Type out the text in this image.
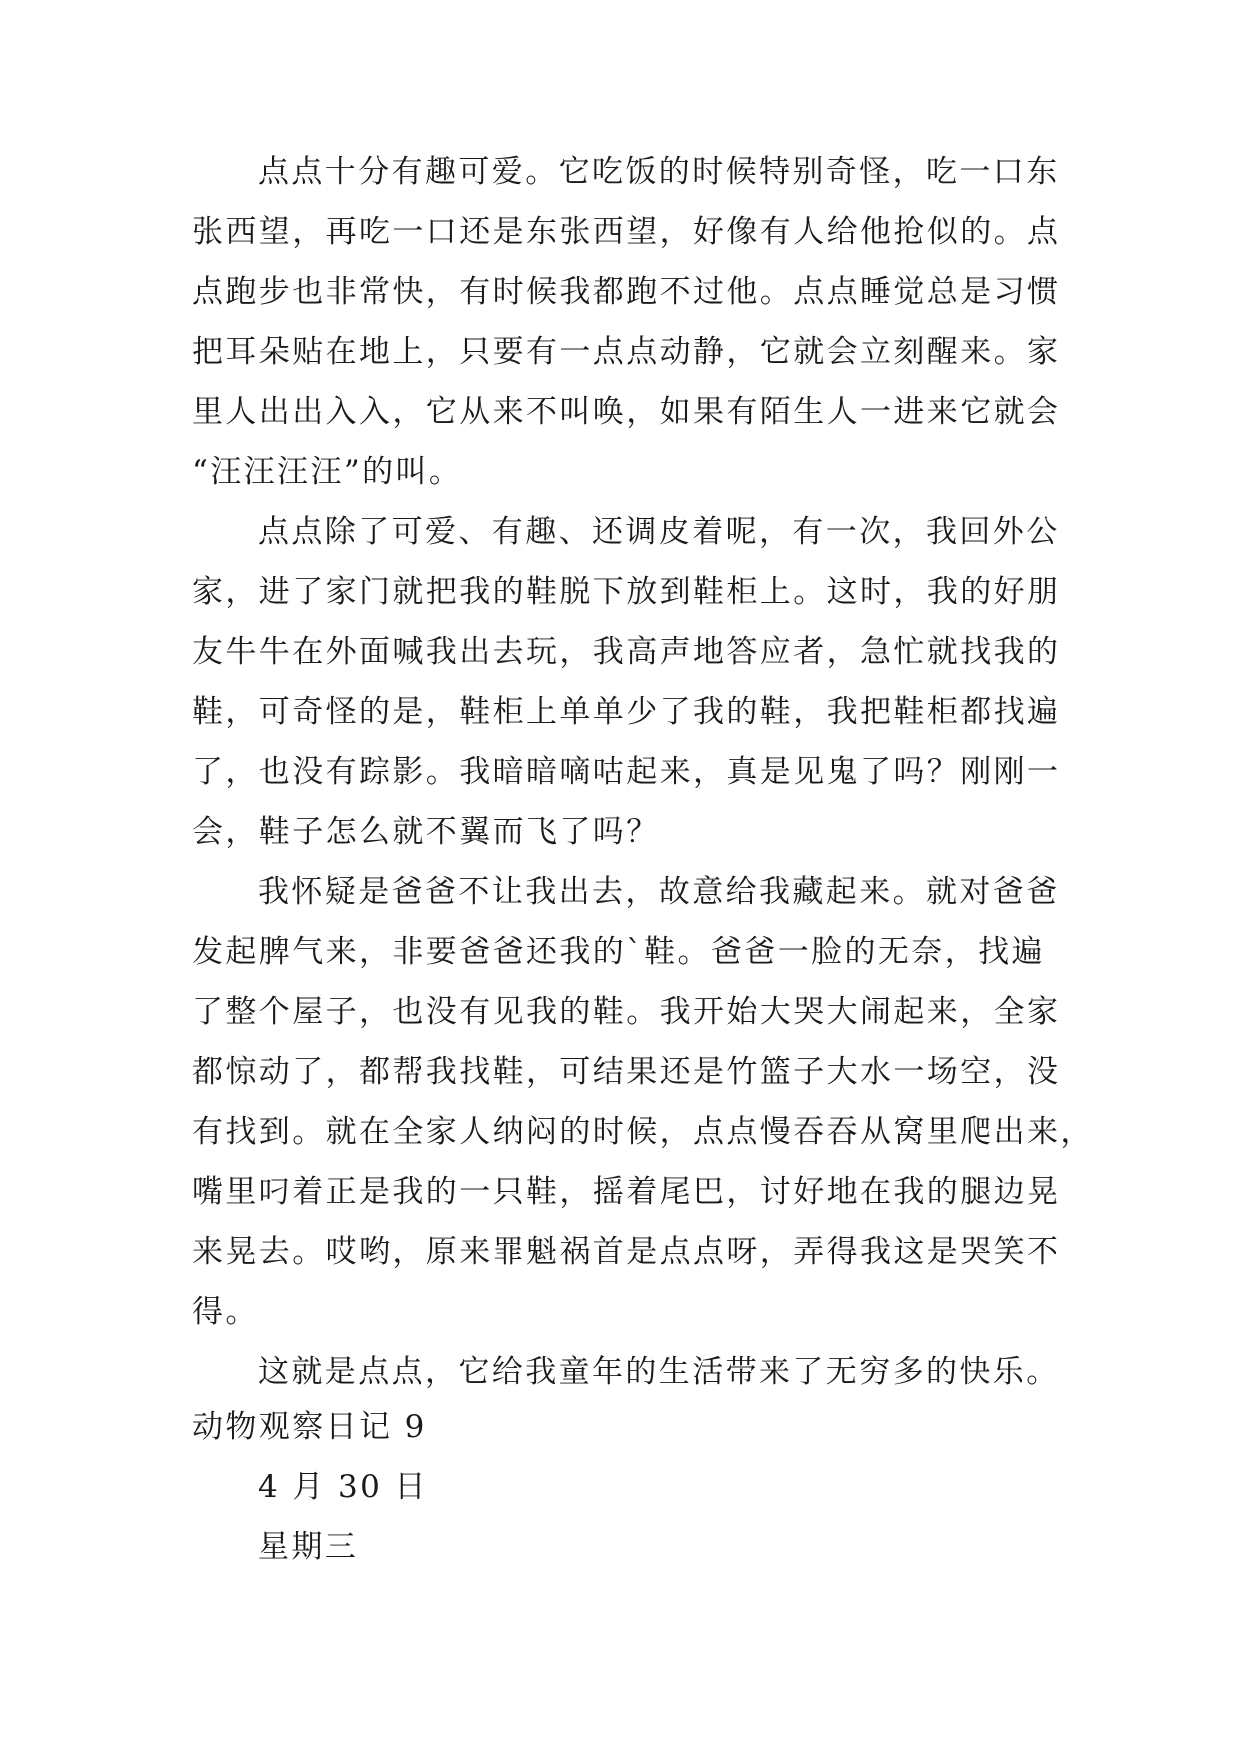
点点十分有趣可爱。它吃饭的时候特别奇怪，吃一口东
张西望，再吃一口还是东张西望，好像有人给他抢似的。点
点跑步也非常快，有时候我都跑不过他。点点睡觉总是习惯
把耳朵贴在地上，只要有一点点动静，它就会立刻醒来。家
里人出出入入，它从来不叫唤，如果有陌生人一进来它就会
“汪汪汪汪”的叫。
点点除了可爱、有趣、还调皮着呢，有一次，我回外公
家，进了家门就把我的鞋脱下放到鞋柜上。这时，我的好朋
友牛牛在外面喊我出去玩，我高声地答应者，急忙就找我的
鞋，可奇怪的是，鞋柜上单单少了我的鞋，我把鞋柜都找遍
了，也没有踪影。我暗暗嘀咕起来，真是见鬼了吗？刚刚一
会，鞋子怎么就不翼而飞了吗？
我怀疑是爸爸不让我出去，故意给我藏起来。就对爸爸
发起脾气来，非要爸爸还我的`鞋。爸爸一脸的无奈，找遍
了整个屋子，也没有见我的鞋。我开始大哭大闹起来，全家
都惊动了，都帮我找鞋，可结果还是竹篮子大水一场空，没
有找到。就在全家人纳闷的时候，点点慢吞吞从窝里爬出来，
嘴里叼着正是我的一只鞋，摇着尾巴，讨好地在我的腿边晃
来晃去。哎哟，原来罪魁祸首是点点呀，弄得我这是哭笑不
得。
这就是点点，它给我童年的生活带来了无穷多的快乐。
动物观察日记 9
4 月 30 日
星期三
